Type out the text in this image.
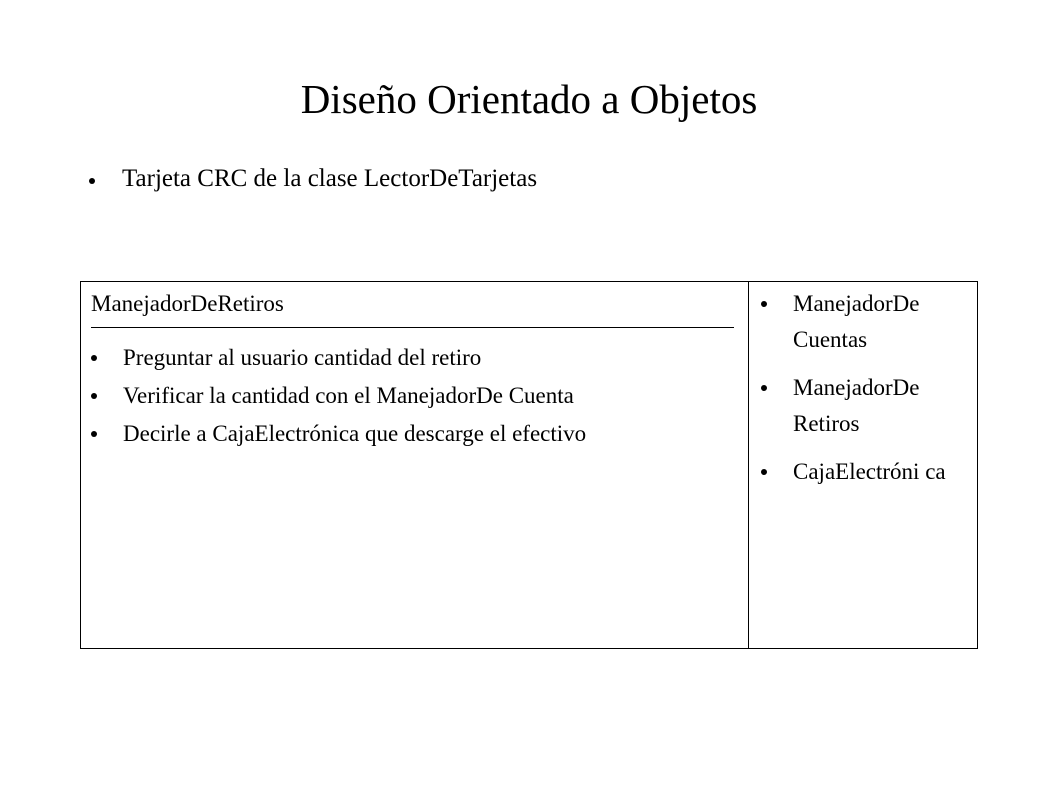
Diseño Orientado a Objetos
Tarjeta CRC de la clase LectorDeTarjetas
ManejadorDeRetiros
Preguntar al usuario cantidad del retiro
Verificar la cantidad con el ManejadorDe Cuenta
Decirle a CajaElectrónica que descarge el efectivo
ManejadorDe Cuentas
ManejadorDe Retiros
CajaElectróni ca
